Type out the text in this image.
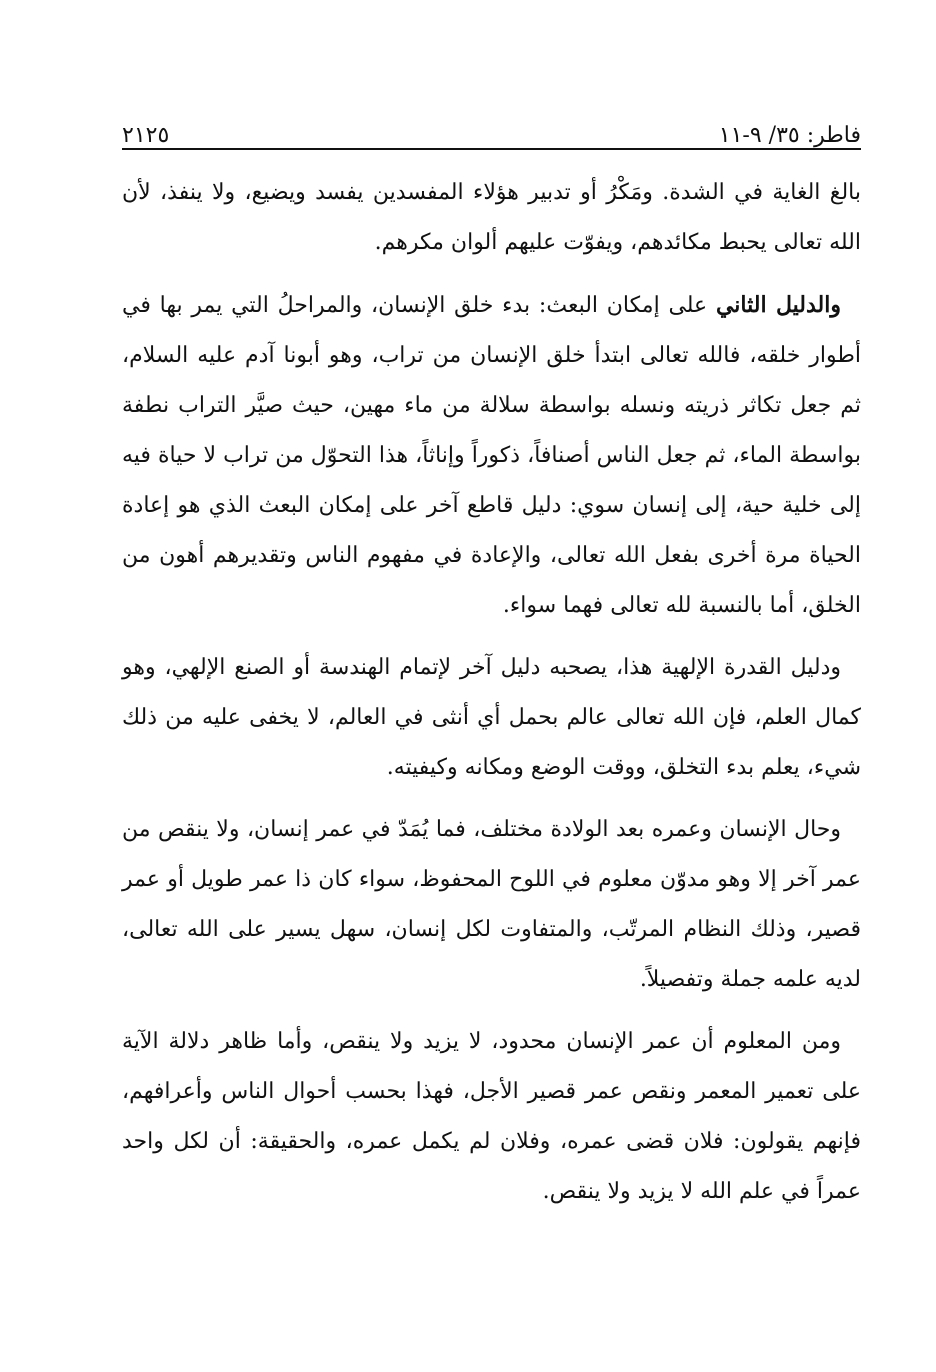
فاطر: ٣٥/ ٩-١١
٢١٢٥

بالغ الغاية في الشدة. ومَكْرُ أو تدبير هؤلاء المفسدين يفسد ويضيع، ولا ينفذ، لأن الله تعالى يحبط مكائدهم، ويفوّت عليهم ألوان مكرهم.

والدليل الثاني على إمكان البعث: بدء خلق الإنسان، والمراحلُ التي يمر بها في أطوار خلقه، فالله تعالى ابتدأ خلق الإنسان من تراب، وهو أبونا آدم عليه السلام، ثم جعل تكاثر ذريته ونسله بواسطة سلالة من ماء مهين، حيث صيَّر التراب نطفة بواسطة الماء، ثم جعل الناس أصنافاً، ذكوراً وإناثاً، هذا التحوّل من تراب لا حياة فيه إلى خلية حية، إلى إنسان سوي: دليل قاطع آخر على إمكان البعث الذي هو إعادة الحياة مرة أخرى بفعل الله تعالى، والإعادة في مفهوم الناس وتقديرهم أهون من الخلق، أما بالنسبة لله تعالى فهما سواء.

ودليل القدرة الإلهية هذا، يصحبه دليل آخر لإتمام الهندسة أو الصنع الإلهي، وهو كمال العلم، فإن الله تعالى عالم بحمل أي أنثى في العالم، لا يخفى عليه من ذلك شيء، يعلم بدء التخلق، ووقت الوضع ومكانه وكيفيته.

وحال الإنسان وعمره بعد الولادة مختلف، فما يُمَدّ في عمر إنسان، ولا ينقص من عمر آخر إلا وهو مدوّن معلوم في اللوح المحفوظ، سواء كان ذا عمر طويل أو عمر قصير، وذلك النظام المرتّب، والمتفاوت لكل إنسان، سهل يسير على الله تعالى، لديه علمه جملة وتفصيلاً.

ومن المعلوم أن عمر الإنسان محدود، لا يزيد ولا ينقص، وأما ظاهر دلالة الآية على تعمير المعمر ونقص عمر قصير الأجل، فهذا بحسب أحوال الناس وأعرافهم، فإنهم يقولون: فلان قضى عمره، وفلان لم يكمل عمره، والحقيقة: أن لكل واحد عمراً في علم الله لا يزيد ولا ينقص.
